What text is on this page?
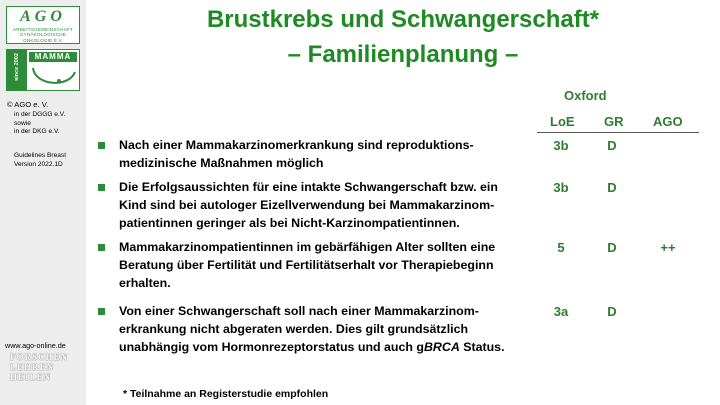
AGO
ARBEITSGEMEINSCHAFT GYNÄKOLOGISCHE ONKOLOGIE E.V.
since 2002	MAMMA
© AGO e. V.
in der DGGG e.V.
sowie
in der DKG e.V.
Guidelines Breast
Version 2022.1D
www.ago-online.de
FORSCHEN
LEHREN
HEILEN
Brustkrebs und Schwangerschaft*
– Familienplanung –
Oxford
LoE GR AGO
Nach einer Mammakarzinomerkrankung sind reproduktions-
medizinische Maßnahmen möglich
3b	D
Die Erfolgsaussichten für eine intakte Schwangerschaft bzw. ein
Kind sind bei autologer Eizellverwendung bei Mammakarzinom-
patientinnen geringer als bei Nicht-Karzinompatientinnen.
3b	D
Mammakarzinompatientinnen im gebärfähigen Alter sollten eine
Beratung über Fertilität und Fertilitätserhalt vor Therapiebeginn
erhalten.
5	D	++
Von einer Schwangerschaft soll nach einer Mammakarzinom-
erkrankung nicht abgeraten werden. Dies gilt grundsätzlich
unabhängig vom Hormonrezeptorstatus und auch gBRCA Status.
3a	D
* Teilnahme an Registerstudie empfohlen
